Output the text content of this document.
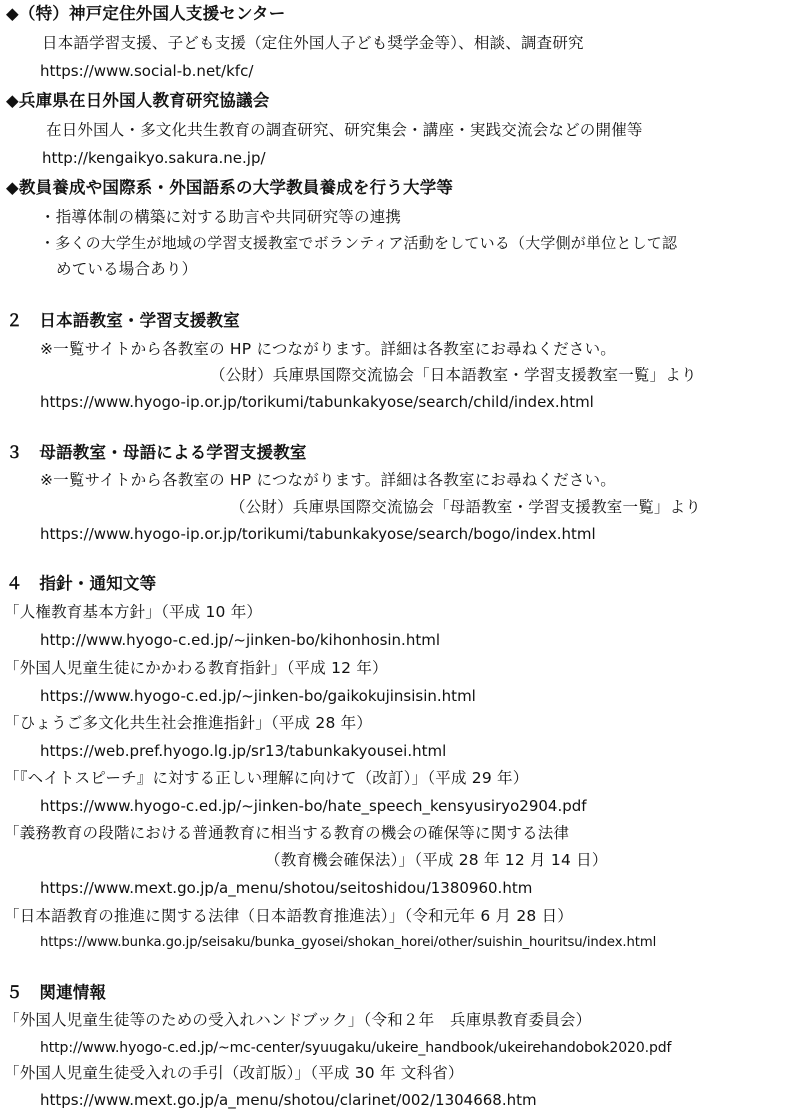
◆（特）神戸定住外国人支援センター
日本語学習支援、子ども支援（定住外国人子ども奨学金等）、相談、調査研究
https://www.social-b.net/kfc/
◆兵庫県在日外国人教育研究協議会
在日外国人・多文化共生教育の調査研究、研究集会・講座・実践交流会などの開催等
http://kengaikyo.sakura.ne.jp/
◆教員養成や国際系・外国語系の大学教員養成を行う大学等
・指導体制の構築に対する助言や共同研究等の連携
・多くの大学生が地域の学習支援教室でボランティア活動をしている（大学側が単位として認
めている場合あり）
２　日本語教室・学習支援教室
※一覧サイトから各教室の HP につながります。詳細は各教室にお尋ねください。
（公財）兵庫県国際交流協会「日本語教室・学習支援教室一覧」より
https://www.hyogo-ip.or.jp/torikumi/tabunkakyose/search/child/index.html
３　母語教室・母語による学習支援教室
※一覧サイトから各教室の HP につながります。詳細は各教室にお尋ねください。
（公財）兵庫県国際交流協会「母語教室・学習支援教室一覧」より
https://www.hyogo-ip.or.jp/torikumi/tabunkakyose/search/bogo/index.html
４　指針・通知文等
「人権教育基本方針」（平成 10 年）
http://www.hyogo-c.ed.jp/~jinken-bo/kihonhosin.html
「外国人児童生徒にかかわる教育指針」（平成 12 年）
https://www.hyogo-c.ed.jp/~jinken-bo/gaikokujinsisin.html
「ひょうご多文化共生社会推進指針」（平成 28 年）
https://web.pref.hyogo.lg.jp/sr13/tabunkakyousei.html
「『ヘイトスピーチ』に対する正しい理解に向けて（改訂）」（平成 29 年）
https://www.hyogo-c.ed.jp/~jinken-bo/hate_speech_kensyusiryo2904.pdf
「義務教育の段階における普通教育に相当する教育の機会の確保等に関する法律
（教育機会確保法）」（平成 28 年 12 月 14 日）
https://www.mext.go.jp/a_menu/shotou/seitoshidou/1380960.htm
「日本語教育の推進に関する法律（日本語教育推進法）」（令和元年 6 月 28 日）
https://www.bunka.go.jp/seisaku/bunka_gyosei/shokan_horei/other/suishin_houritsu/index.html
５　関連情報
「外国人児童生徒等のための受入れハンドブック」（令和２年　兵庫県教育委員会）
http://www.hyogo-c.ed.jp/~mc-center/syuugaku/ukeire_handbook/ukeirehandobok2020.pdf
「外国人児童生徒受入れの手引（改訂版）」（平成 30 年 文科省）
https://www.mext.go.jp/a_menu/shotou/clarinet/002/1304668.htm
